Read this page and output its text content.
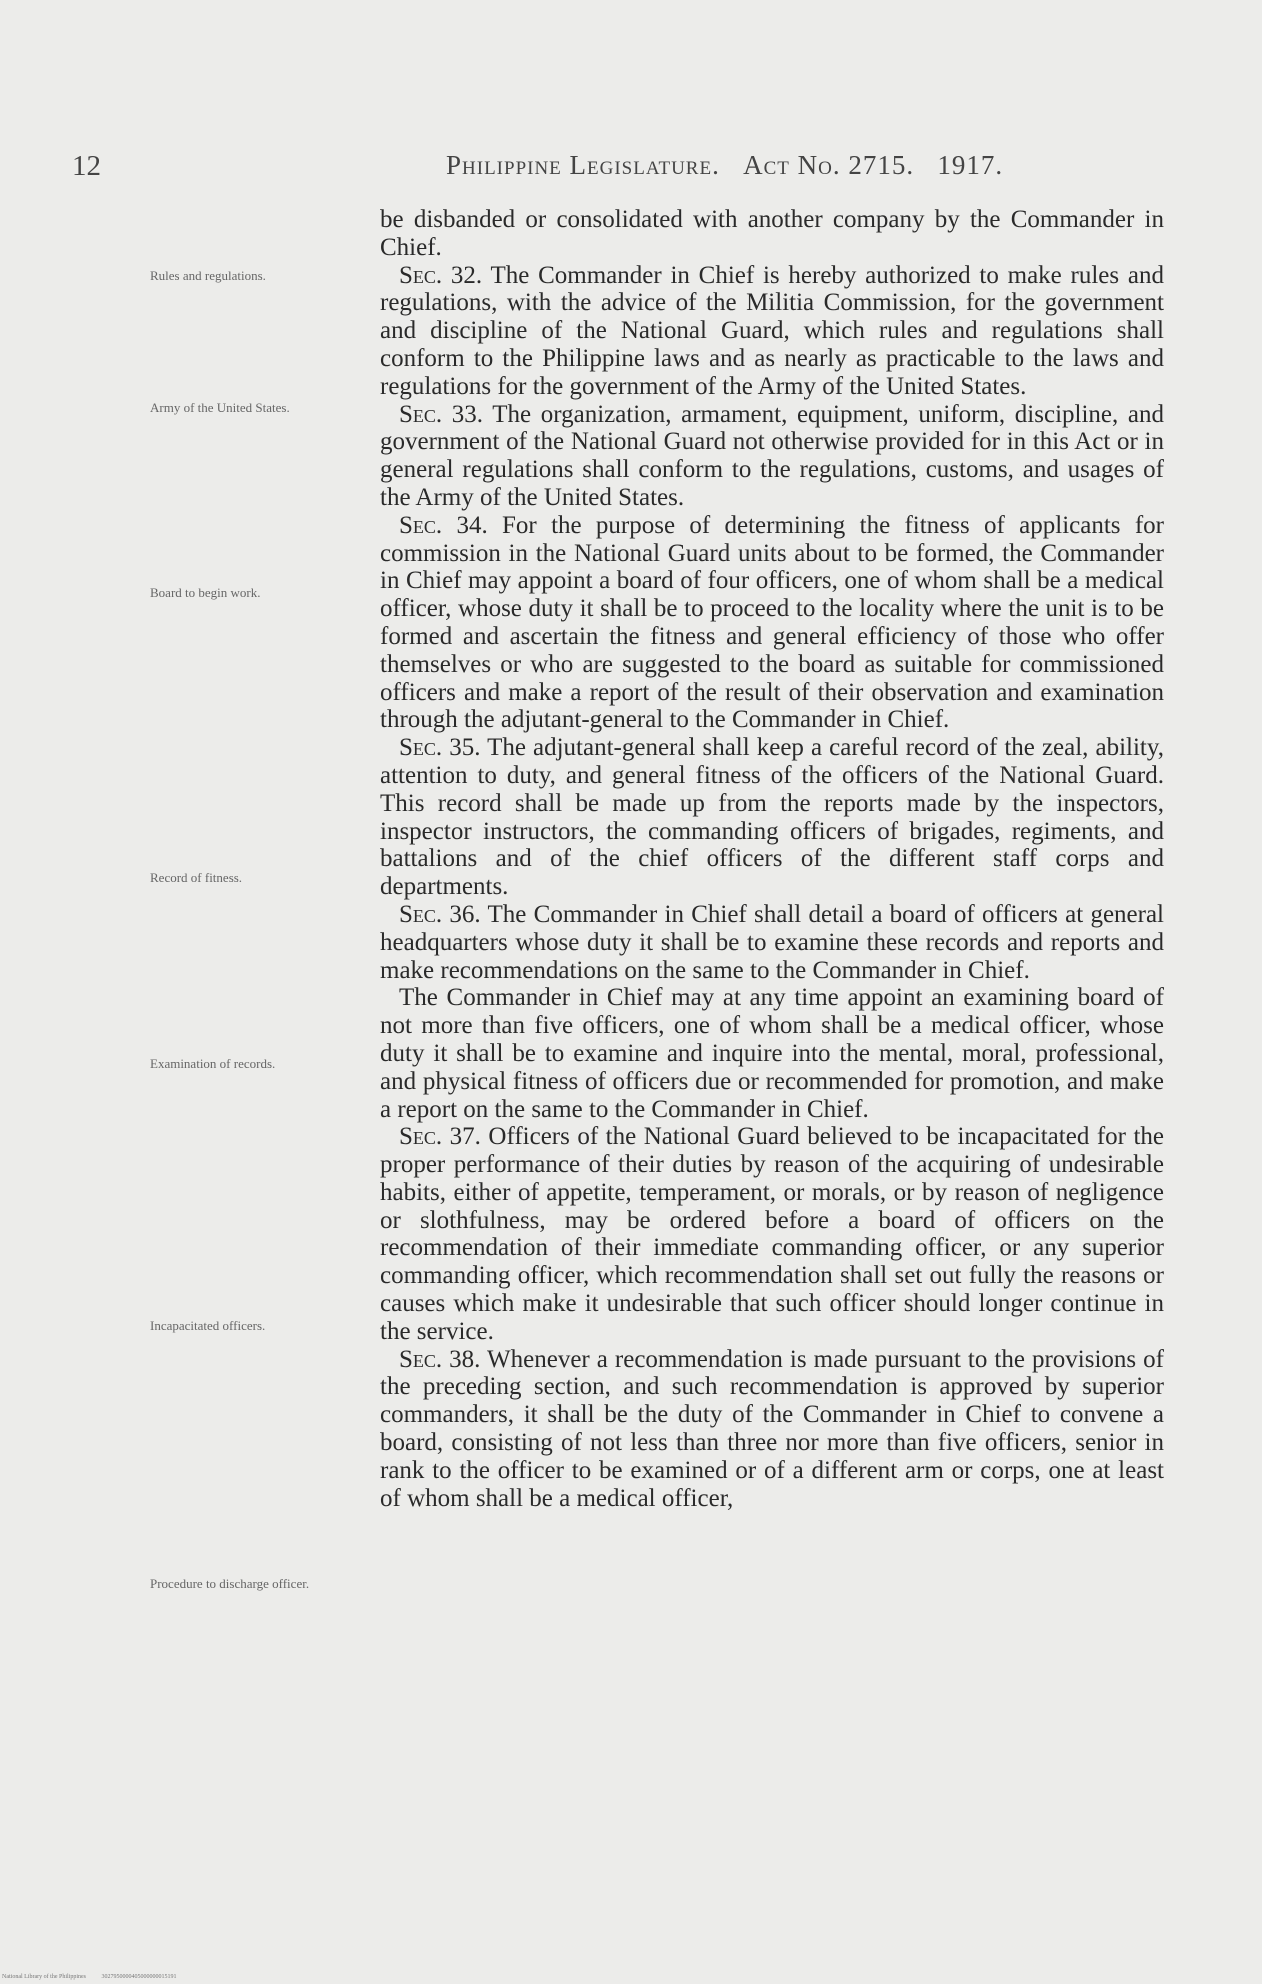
12	Philippine Legislature. Act No. 2715. 1917.
Rules and regulations.
Army of the United States.
Board to begin work.
Record of fitness.
Examination of records.
Incapacitated officers.
Procedure to discharge officer.

be disbanded or consolidated with another company by the Commander in Chief.

Sec. 32. The Commander in Chief is hereby authorized to make rules and regulations, with the advice of the Militia Commission, for the government and discipline of the National Guard, which rules and regulations shall conform to the Philippine laws and as nearly as practicable to the laws and regulations for the government of the Army of the United States.

Sec. 33. The organization, armament, equipment, uniform, discipline, and government of the National Guard not otherwise provided for in this Act or in general regulations shall conform to the regulations, customs, and usages of the Army of the United States.

Sec. 34. For the purpose of determining the fitness of applicants for commission in the National Guard units about to be formed, the Commander in Chief may appoint a board of four officers, one of whom shall be a medical officer, whose duty it shall be to proceed to the locality where the unit is to be formed and ascertain the fitness and general efficiency of those who offer themselves or who are suggested to the board as suitable for commissioned officers and make a report of the result of their observation and examination through the adjutant-general to the Commander in Chief.

Sec. 35. The adjutant-general shall keep a careful record of the zeal, ability, attention to duty, and general fitness of the officers of the National Guard. This record shall be made up from the reports made by the inspectors, inspector instructors, the commanding officers of brigades, regiments, and battalions and of the chief officers of the different staff corps and departments.

Sec. 36. The Commander in Chief shall detail a board of officers at general headquarters whose duty it shall be to examine these records and reports and make recommendations on the same to the Commander in Chief.

The Commander in Chief may at any time appoint an examining board of not more than five officers, one of whom shall be a medical officer, whose duty it shall be to examine and inquire into the mental, moral, professional, and physical fitness of officers due or recommended for promotion, and make a report on the same to the Commander in Chief.

Sec. 37. Officers of the National Guard believed to be incapacitated for the proper performance of their duties by reason of the acquiring of undesirable habits, either of appetite, temperament, or morals, or by reason of negligence or slothfulness, may be ordered before a board of officers on the recommendation of their immediate commanding officer, or any superior commanding officer, which recommendation shall set out fully the reasons or causes which make it undesirable that such officer should longer continue in the service.

Sec. 38. Whenever a recommendation is made pursuant to the provisions of the preceding section, and such recommendation is approved by superior commanders, it shall be the duty of the Commander in Chief to convene a board, consisting of not less than three nor more than five officers, senior in rank to the officer to be examined or of a different arm or corps, one at least of whom shall be a medical officer,

National Library of the Philippines	3027950000405000000015191
